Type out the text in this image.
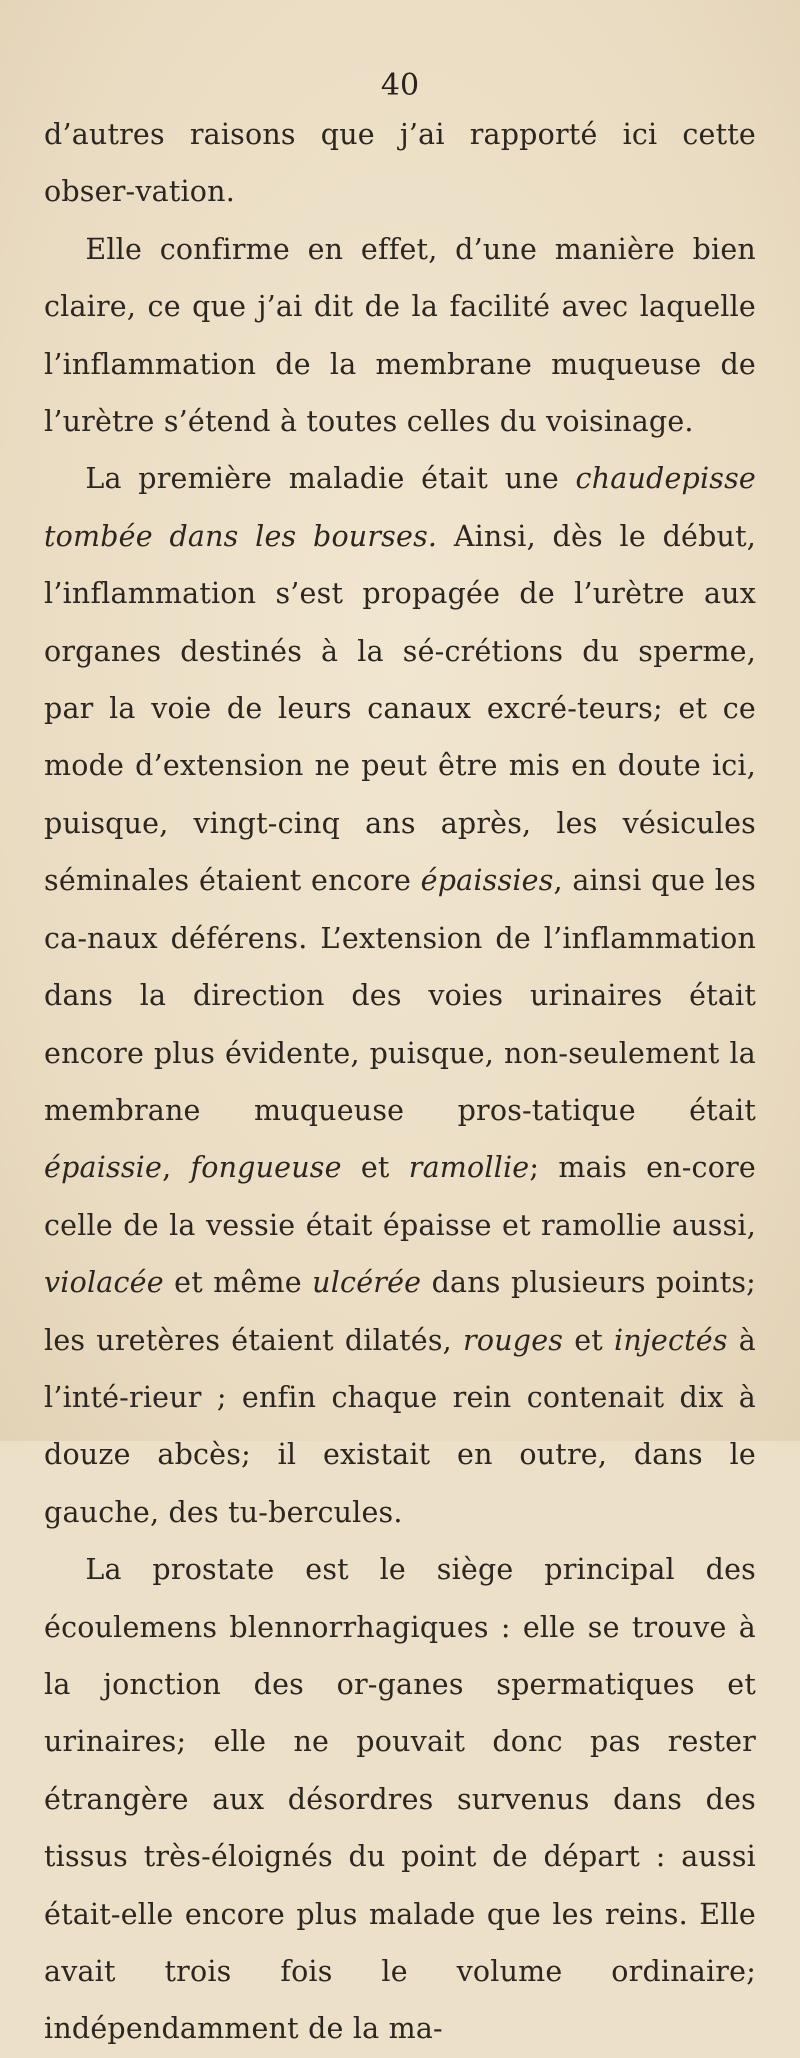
40

d’autres raisons que j’ai rapporté ici cette obser-vation.

Elle confirme en effet, d’une manière bien claire, ce que j’ai dit de la facilité avec laquelle l’inflammation de la membrane muqueuse de l’urètre s’étend à toutes celles du voisinage.

La première maladie était une chaudepisse tombée dans les bourses. Ainsi, dès le début, l’inflammation s’est propagée de l’urètre aux organes destinés à la sé-crétions du sperme, par la voie de leurs canaux excré-teurs; et ce mode d’extension ne peut être mis en doute ici, puisque, vingt-cinq ans après, les vésicules séminales étaient encore épaissies, ainsi que les ca-naux déférens. L’extension de l’inflammation dans la direction des voies urinaires était encore plus évidente, puisque, non-seulement la membrane muqueuse pros-tatique était épaissie, fongueuse et ramollie; mais en-core celle de la vessie était épaisse et ramollie aussi, violacée et même ulcérée dans plusieurs points; les uretères étaient dilatés, rouges et injectés à l’inté-rieur ; enfin chaque rein contenait dix à douze abcès; il existait en outre, dans le gauche, des tu-bercules.

La prostate est le siège principal des écoulemens blennorrhagiques : elle se trouve à la jonction des or-ganes spermatiques et urinaires; elle ne pouvait donc pas rester étrangère aux désordres survenus dans des tissus très-éloignés du point de départ : aussi était-elle encore plus malade que les reins. Elle avait trois fois le volume ordinaire; indépendamment de la ma-
